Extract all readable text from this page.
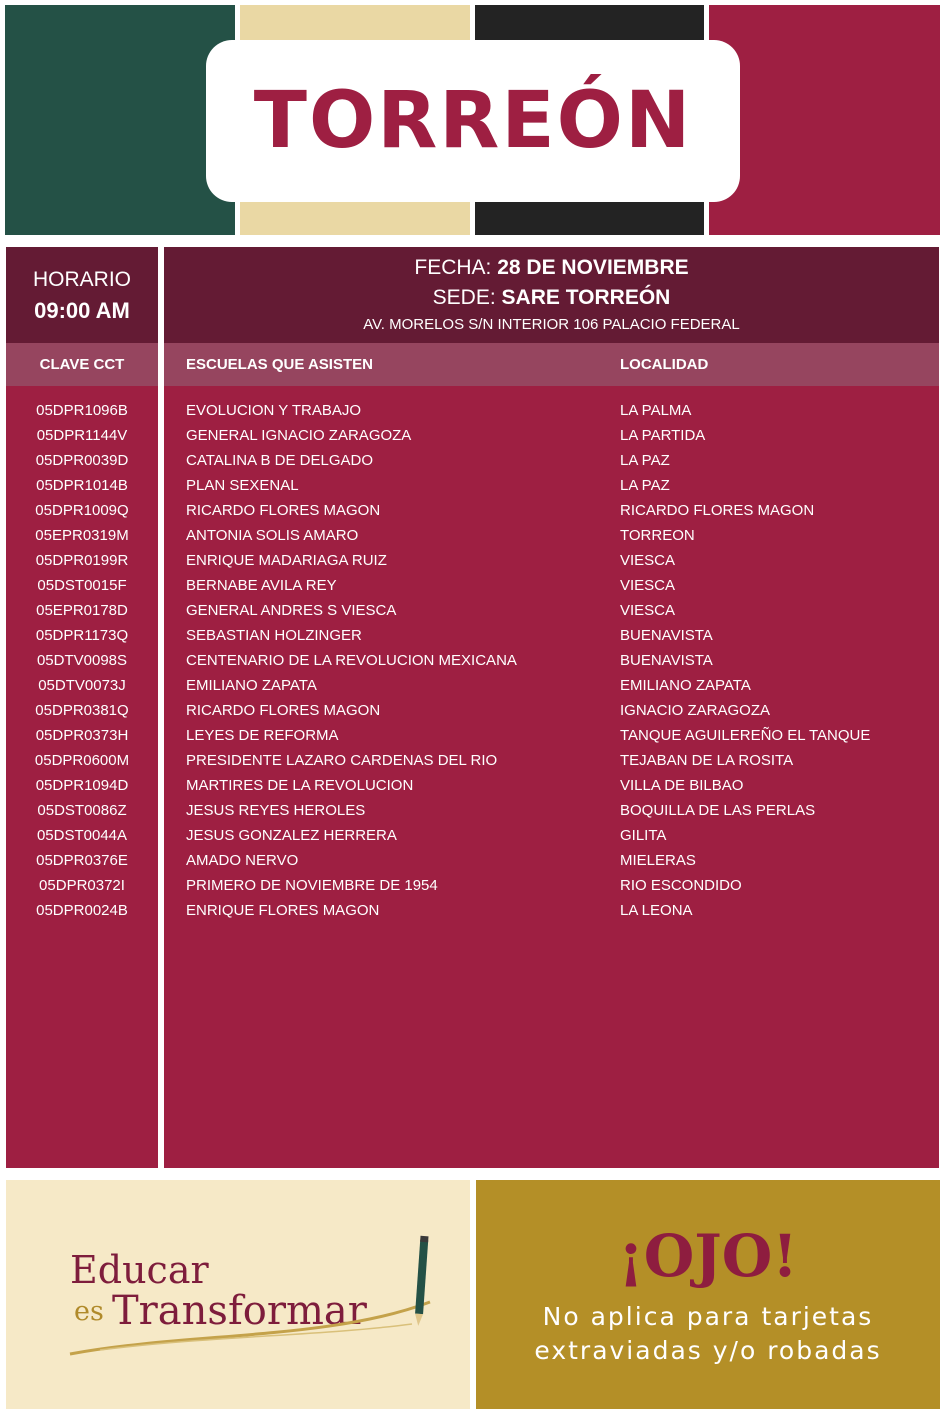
TORREÓN
HORARIO
09:00 AM
FECHA: 28 DE NOVIEMBRE
SEDE: SARE TORREÓN
AV. MORELOS S/N INTERIOR 106 PALACIO FEDERAL
CLAVE CCT	ESCUELAS QUE ASISTEN	LOCALIDAD
05DPR1096B	EVOLUCION Y TRABAJO	LA PALMA
05DPR1144V	GENERAL IGNACIO ZARAGOZA	LA PARTIDA
05DPR0039D	CATALINA B DE DELGADO	LA PAZ
05DPR1014B	PLAN SEXENAL	LA PAZ
05DPR1009Q	RICARDO FLORES MAGON	RICARDO FLORES MAGON
05EPR0319M	ANTONIA SOLIS AMARO	TORREON
05DPR0199R	ENRIQUE MADARIAGA RUIZ	VIESCA
05DST0015F	BERNABE AVILA REY	VIESCA
05EPR0178D	GENERAL ANDRES S VIESCA	VIESCA
05DPR1173Q	SEBASTIAN HOLZINGER	BUENAVISTA
05DTV0098S	CENTENARIO DE LA REVOLUCION MEXICANA	BUENAVISTA
05DTV0073J	EMILIANO ZAPATA	EMILIANO ZAPATA
05DPR0381Q	RICARDO FLORES MAGON	IGNACIO ZARAGOZA
05DPR0373H	LEYES DE REFORMA	TANQUE AGUILEREÑO EL TANQUE
05DPR0600M	PRESIDENTE LAZARO CARDENAS DEL RIO	TEJABAN DE LA ROSITA
05DPR1094D	MARTIRES DE LA REVOLUCION	VILLA DE BILBAO
05DST0086Z	JESUS REYES HEROLES	BOQUILLA DE LAS PERLAS
05DST0044A	JESUS GONZALEZ HERRERA	GILITA
05DPR0376E	AMADO NERVO	MIELERAS
05DPR0372I	PRIMERO DE NOVIEMBRE DE 1954	RIO ESCONDIDO
05DPR0024B	ENRIQUE FLORES MAGON	LA LEONA
Educar
es Transformar
¡OJO!
No aplica para tarjetas
extraviadas y/o robadas
